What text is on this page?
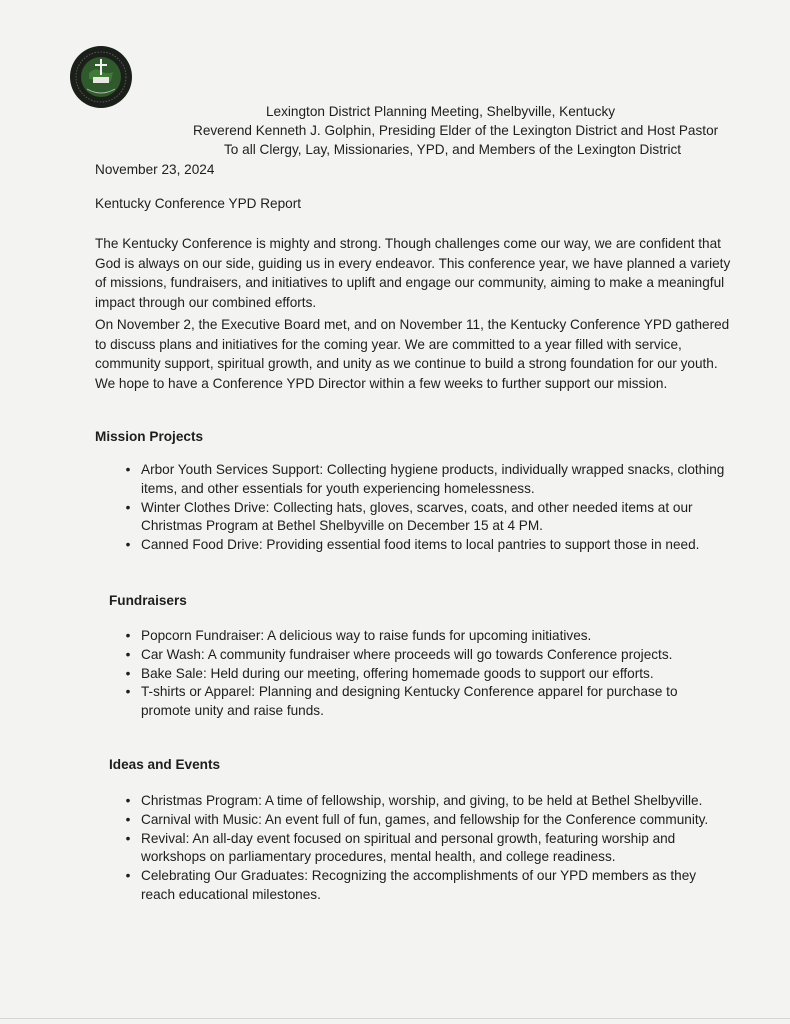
Lexington District Planning Meeting, Shelbyville, Kentucky
Reverend Kenneth J. Golphin, Presiding Elder of the Lexington District and Host Pastor
To all Clergy, Lay, Missionaries, YPD, and Members of the Lexington District
November 23, 2024
Kentucky Conference YPD Report

The Kentucky Conference is mighty and strong. Though challenges come our way, we are confident that God is always on our side, guiding us in every endeavor. This conference year, we have planned a variety of missions, fundraisers, and initiatives to uplift and engage our community, aiming to make a meaningful impact through our combined efforts.

On November 2, the Executive Board met, and on November 11, the Kentucky Conference YPD gathered to discuss plans and initiatives for the coming year. We are committed to a year filled with service, community support, spiritual growth, and unity as we continue to build a strong foundation for our youth. We hope to have a Conference YPD Director within a few weeks to further support our mission.

Mission Projects
• Arbor Youth Services Support: Collecting hygiene products, individually wrapped snacks, clothing items, and other essentials for youth experiencing homelessness.
• Winter Clothes Drive: Collecting hats, gloves, scarves, coats, and other needed items at our Christmas Program at Bethel Shelbyville on December 15 at 4 PM.
• Canned Food Drive: Providing essential food items to local pantries to support those in need.
Fundraisers
• Popcorn Fundraiser: A delicious way to raise funds for upcoming initiatives.
• Car Wash: A community fundraiser where proceeds will go towards Conference projects.
• Bake Sale: Held during our meeting, offering homemade goods to support our efforts.
• T-shirts or Apparel: Planning and designing Kentucky Conference apparel for purchase to promote unity and raise funds.
Ideas and Events
• Christmas Program: A time of fellowship, worship, and giving, to be held at Bethel Shelbyville.
• Carnival with Music: An event full of fun, games, and fellowship for the Conference community.
• Revival: An all-day event focused on spiritual and personal growth, featuring worship and workshops on parliamentary procedures, mental health, and college readiness.
• Celebrating Our Graduates: Recognizing the accomplishments of our YPD members as they reach educational milestones.
